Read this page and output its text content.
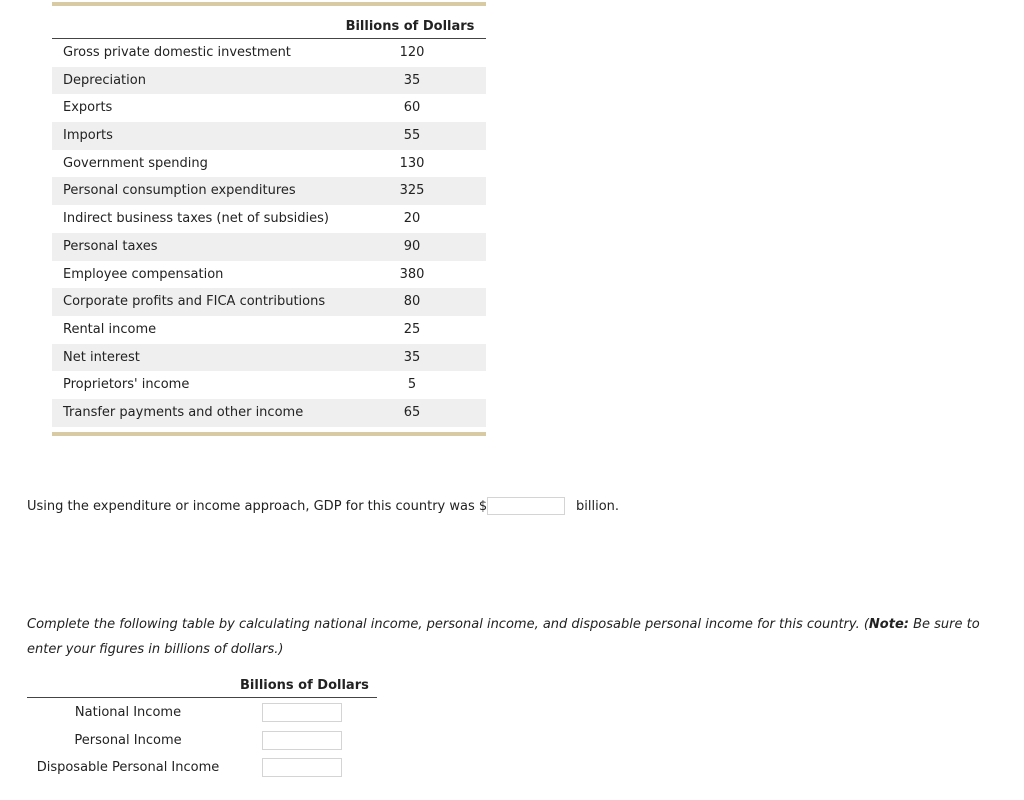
Billions of Dollars
Gross private domestic investment	120
Depreciation	35
Exports	60
Imports	55
Government spending	130
Personal consumption expenditures	325
Indirect business taxes (net of subsidies)	20
Personal taxes	90
Employee compensation	380
Corporate profits and FICA contributions	80
Rental income	25
Net interest	35
Proprietors' income	5
Transfer payments and other income	65
Using the expenditure or income approach, GDP for this country was $	billion.
Complete the following table by calculating national income, personal income, and disposable personal income for this country. (Note: Be sure to enter your figures in billions of dollars.)
Billions of Dollars
National Income
Personal Income
Disposable Personal Income
